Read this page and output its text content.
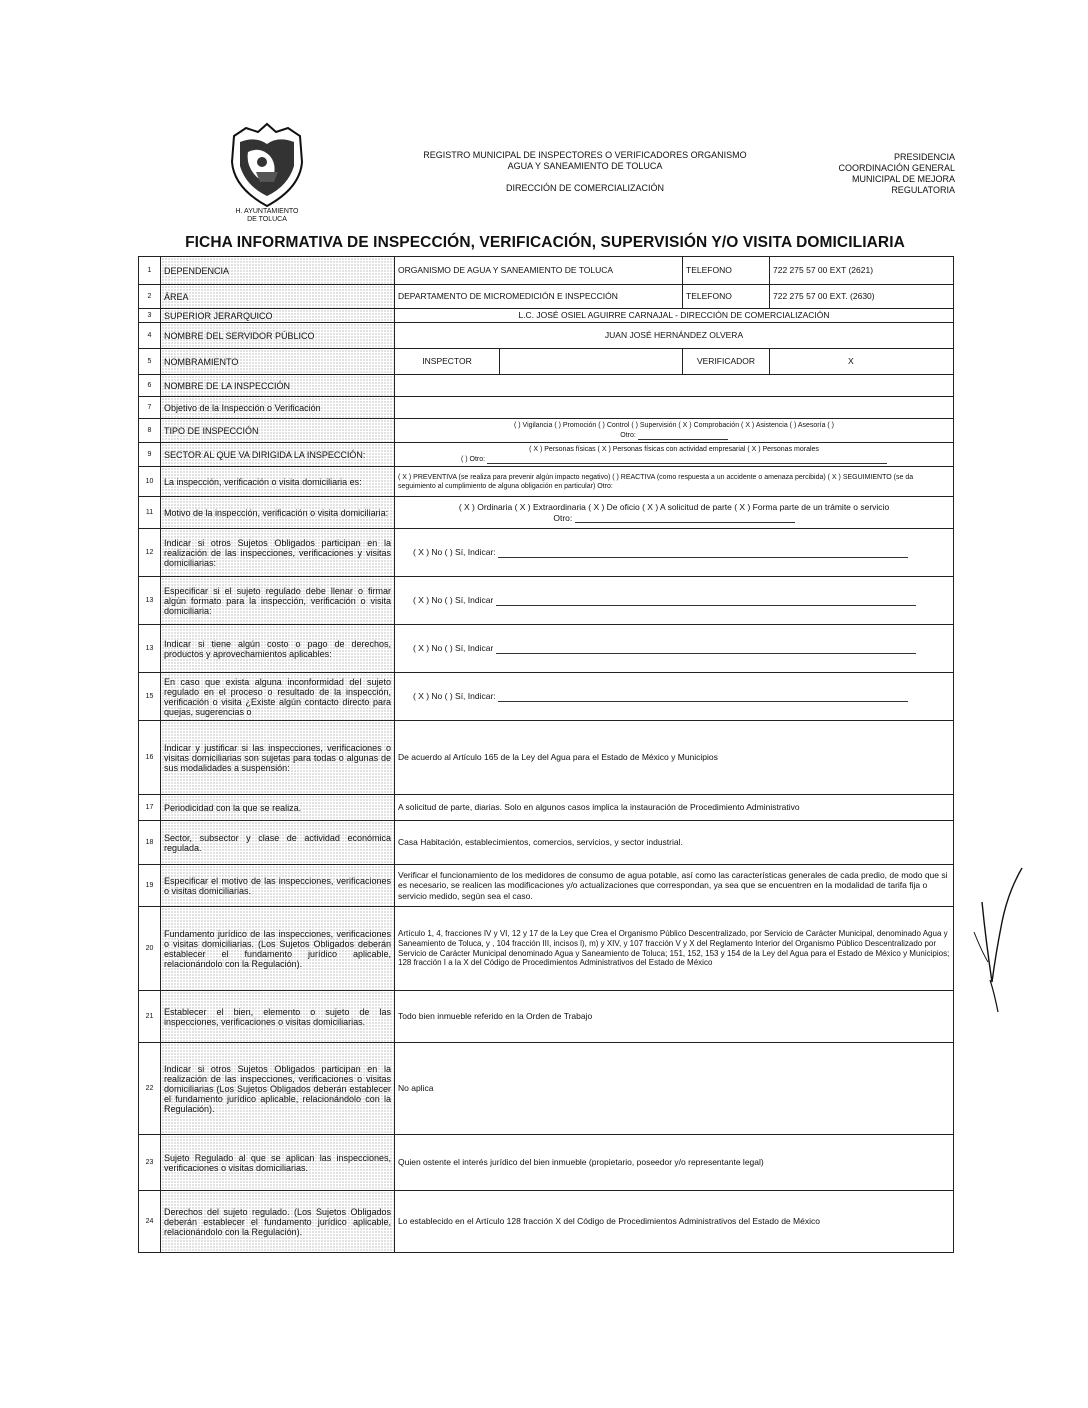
H. AYUNTAMIENTO
DE TOLUCA
REGISTRO MUNICIPAL DE INSPECTORES O VERIFICADORES ORGANISMO
AGUA Y SANEAMIENTO DE TOLUCA
DIRECCIÓN DE COMERCIALIZACIÓN
PRESIDENCIA
COORDINACIÓN GENERAL
MUNICIPAL DE MEJORA
REGULATORIA
FICHA INFORMATIVA DE INSPECCIÓN, VERIFICACIÓN, SUPERVISIÓN Y/O VISITA DOMICILIARIA
1	DEPENDENCIA	ORGANISMO DE AGUA Y SANEAMIENTO DE TOLUCA		TELEFONO	722 275 57 00 EXT (2621)
2	ÁREA	DEPARTAMENTO DE MICROMEDICIÓN E INSPECCIÓN		TELEFONO	722 275 57 00 EXT. (2630)
3	SUPERIOR JERARQUICO	L.C. JOSÉ OSIEL AGUIRRE CARNAJAL - DIRECCIÓN DE COMERCIALIZACIÓN			
4	NOMBRE DEL SERVIDOR PÚBLICO	JUAN JOSÉ HERNÁNDEZ OLVERA			
5	NOMBRAMIENTO	INSPECTOR		VERIFICADOR	X
6	NOMBRE DE LA INSPECCIÓN				
7	Objetivo de la Inspección o Verificación				
8	TIPO DE INSPECCIÓN	( ) Vigilancia ( ) Promoción ( ) Control ( ) Supervisión ( X ) Comprobación ( X ) Asistencia ( ) Asesoría ( )
Otro:			

9	SECTOR AL QUE VA DIRIGIDA LA INSPECCIÓN:	( X ) Personas físicas ( X ) Personas físicas con actividad empresarial ( X ) Personas morales
( ) Otro:			

10	La inspección, verificación o visita domiciliaria es:	( X ) PREVENTIVA (se realiza para prevenir algún impacto negativo) ( ) REACTIVA (como respuesta a un accidente o amenaza percibida) ( X ) SEGUIMIENTO (se da seguimiento al cumplimiento de alguna obligación en particular) Otro:			
11	Motivo de la inspección, verificación o visita domiciliaria:	( X ) Ordinaria ( X ) Extraordinaria ( X ) De oficio ( X ) A solicitud de parte ( X ) Forma parte de un trámite o servicio
Otro:			

12	Indicar si otros Sujetos Obligados participan en la realización de las inspecciones, verificaciones y visitas domiciliarias:	( X ) No ( ) Sí, Indicar:			
13	Especificar si el sujeto regulado debe llenar o firmar algún formato para la inspección, verificación o visita domiciliaria:	( X ) No ( ) Sí, Indicar			
13	Indicar si tiene algún costo o pago de derechos, productos y aprovechamientos aplicables:	( X ) No ( ) Sí, Indicar			
15	En caso que exista alguna inconformidad del sujeto regulado en el proceso o resultado de la inspección, verificación o visita ¿Existe algún contacto directo para quejas, sugerencias o	( X ) No ( ) Sí, Indicar:			
16	Indicar y justificar si las inspecciones, verificaciones o visitas domiciliarias son sujetas para todas o algunas de sus modalidades a suspensión:	De acuerdo al Artículo 165 de la Ley del Agua para el Estado de México y Municipios			
17	Periodicidad con la que se realiza.	A solicitud de parte, diarias. Solo en algunos casos implica la instauración de Procedimiento Administrativo			
18	Sector, subsector y clase de actividad económica regulada.	Casa Habitación, establecimientos, comercios, servicios, y sector industrial.			
19	Especificar el motivo de las inspecciones, verificaciones o visitas domiciliarias.	Verificar el funcionamiento de los medidores de consumo de agua potable, así como las características generales de cada predio, de modo que si es necesario, se realicen las modificaciones y/o actualizaciones que correspondan, ya sea que se encuentren en la modalidad de tarifa fija o servicio medido, según sea el caso.			
20	Fundamento jurídico de las inspecciones, verificaciones o visitas domiciliarias. (Los Sujetos Obligados deberán establecer el fundamento jurídico aplicable, relacionándolo con la Regulación).	Artículo 1, 4, fracciones IV y VI, 12 y 17 de la Ley que Crea el Organismo Público Descentralizado, por Servicio de Carácter Municipal, denominado Agua y Saneamiento de Toluca, y , 104 fracción III, incisos l), m) y XIV, y 107 fracción V y X del Reglamento Interior del Organismo Público Descentralizado por Servicio de Carácter Municipal denominado Agua y Saneamiento de Toluca; 151, 152, 153 y 154 de la Ley del Agua para el Estado de México y Municipios; 128 fracción I a la X del Código de Procedimientos Administrativos del Estado de México			
21	Establecer el bien, elemento o sujeto de las inspecciones, verificaciones o visitas domiciliarias.	Todo bien inmueble referido en la Orden de Trabajo			
22	Indicar si otros Sujetos Obligados participan en la realización de las inspecciones, verificaciones o visitas domiciliarias (Los Sujetos Obligados deberán establecer el fundamento jurídico aplicable, relacionándolo con la Regulación).	No aplica			
23	Sujeto Regulado al que se aplican las inspecciones, verificaciones o visitas domiciliarias.	Quien ostente el interés jurídico del bien inmueble (propietario, poseedor y/o representante legal)			
24	Derechos del sujeto regulado. (Los Sujetos Obligados deberán establecer el fundamento jurídico aplicable, relacionándolo con la Regulación).	Lo establecido en el Artículo 128 fracción X del Código de Procedimientos Administrativos del Estado de México			
